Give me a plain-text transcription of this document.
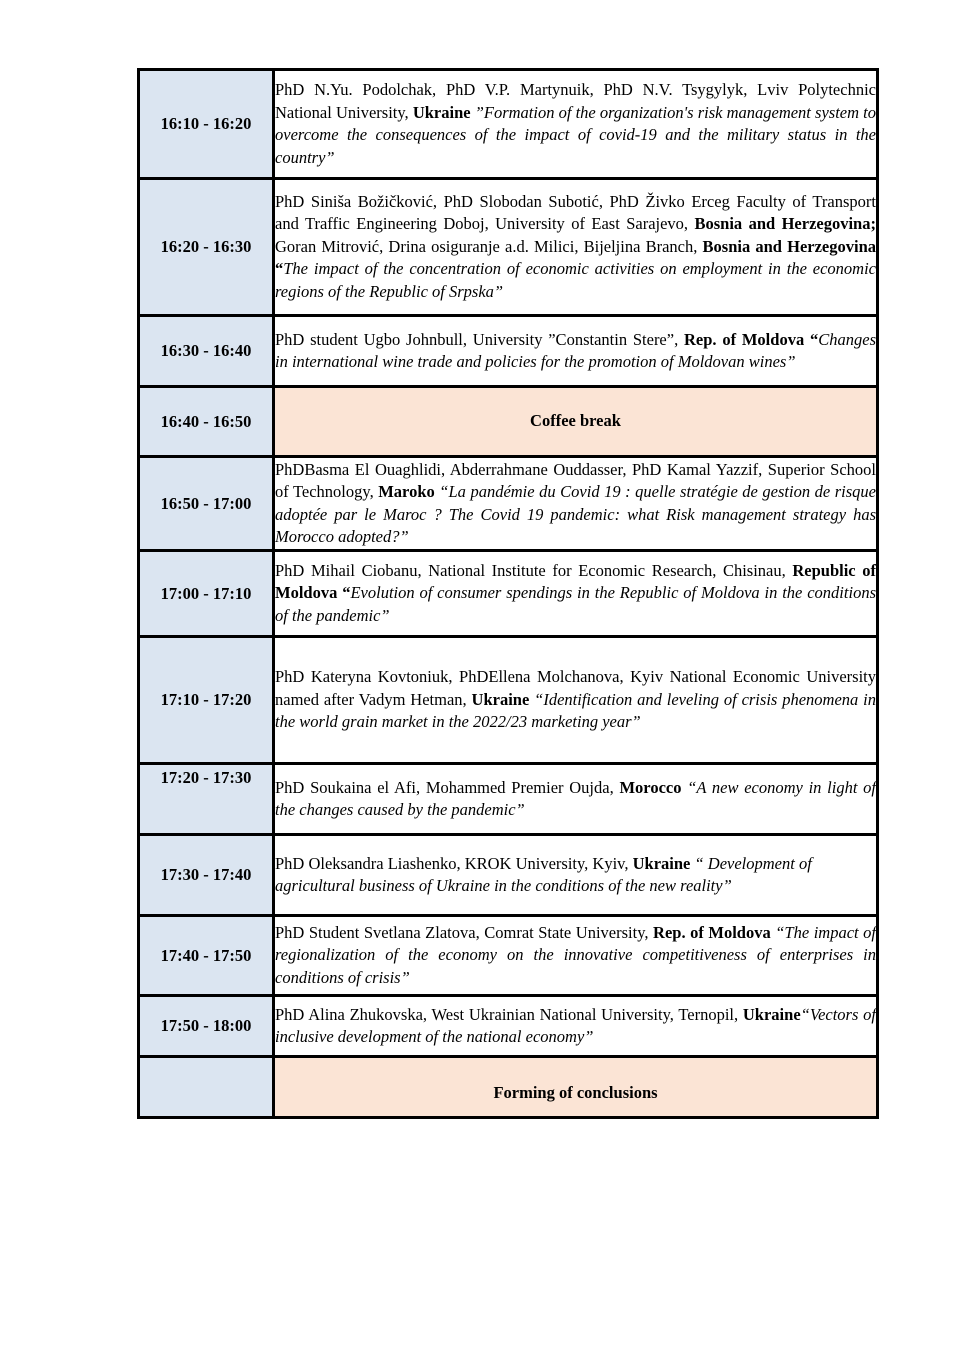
16:10 - 16:20	PhD N.Yu. Podolchak, PhD V.P. Martynuik, PhD N.V. Tsygylyk, Lviv Polytechnic National University, Ukraine ”Formation of the organization's risk management system to overcome the consequences of the impact of covid-19 and the military status in the country”
16:20 - 16:30	PhD Siniša Božičković, PhD Slobodan Subotić, PhD Živko Erceg Faculty of Transport and Traffic Engineering Doboj, University of East Sarajevo, Bosnia and Herzegovina; Goran Mitrović, Drina osiguranje a.d. Milici, Bijeljina Branch, Bosnia and Herzegovina “The impact of the concentration of economic activities on employment in the economic regions of the Republic of Srpska”
16:30 - 16:40	PhD student Ugbo Johnbull, University ”Constantin Stere”, Rep. of Moldova “Changes in international wine trade and policies for the promotion of Moldovan wines”
16:40 - 16:50	Coffee break
16:50 - 17:00	PhDBasma El Ouaghlidi, Abderrahmane Ouddasser, PhD Kamal Yazzif, Superior School of Technology, Maroko “La pandémie du Covid 19 : quelle stratégie de gestion de risque adoptée par le Maroc ? The Covid 19 pandemic: what Risk management strategy has Morocco adopted?”
17:00 - 17:10	PhD Mihail Ciobanu, National Institute for Economic Research, Chisinau, Republic of Moldova “Evolution of consumer spendings in the Republic of Moldova in the conditions of the pandemic”
17:10 - 17:20	PhD Kateryna Kovtoniuk, PhDEllena Molchanova, Kyiv National Economic University named after Vadym Hetman, Ukraine “Identification and leveling of crisis phenomena in the world grain market in the 2022/23 marketing year”
17:20 - 17:30	PhD Soukaina el Afi, Mohammed Premier Oujda, Morocco “A new economy in light of the changes caused by the pandemic”
17:30 - 17:40	PhD Oleksandra Liashenko, KROK University, Kyiv, Ukraine “ Development of agricultural business of Ukraine in the conditions of the new reality”
17:40 - 17:50	PhD Student Svetlana Zlatova, Comrat State University, Rep. of Moldova “The impact of regionalization of the economy on the innovative competitiveness of enterprises in conditions of crisis”
17:50 - 18:00	PhD Alina Zhukovska, West Ukrainian National University, Ternopil, Ukraine“Vectors of inclusive development of the national economy”
	Forming of conclusions
